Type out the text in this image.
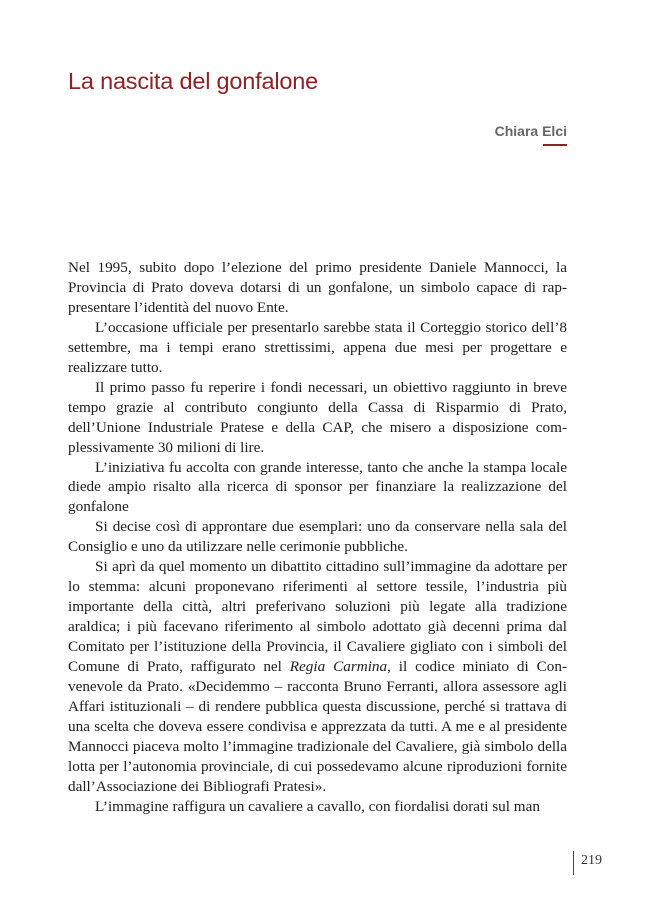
La nascita del gonfalone
Chiara Elci

Nel 1995, subito dopo l’elezione del primo presidente Daniele Mannocci, la Provincia di Prato doveva dotarsi di un gonfalone, un simbolo capace di rappresentare l’identità del nuovo Ente.

L’occasione ufficiale per presentarlo sarebbe stata il Corteggio storico dell’8 settembre, ma i tempi erano strettissimi, appena due mesi per progettare e realizzare tutto.

Il primo passo fu reperire i fondi necessari, un obiettivo raggiunto in breve tempo grazie al contributo congiunto della Cassa di Risparmio di Prato, dell’Unione Industriale Pratese e della CAP, che misero a disposizione complessivamente 30 milioni di lire.

L’iniziativa fu accolta con grande interesse, tanto che anche la stampa locale diede ampio risalto alla ricerca di sponsor per finanziare la realizzazione del gonfalone

Si decise così di approntare due esemplari: uno da conservare nella sala del Consiglio e uno da utilizzare nelle cerimonie pubbliche.

Si aprì da quel momento un dibattito cittadino sull’immagine da adottare per lo stemma: alcuni proponevano riferimenti al settore tessile, l’industria più importante della città, altri preferivano soluzioni più legate alla tradizione araldica; i più facevano riferimento al simbolo adottato già decenni prima dal Comitato per l’istituzione della Provincia, il Cavaliere gigliato con i simboli del Comune di Prato, raffigurato nel Regia Carmina, il codice miniato di Convenevole da Prato. «Decidemmo – racconta Bruno Ferranti, allora assessore agli Affari istituzionali – di rendere pubblica questa discussione, perché si trattava di una scelta che doveva essere condivisa e apprezzata da tutti. A me e al presidente Mannocci piaceva molto l’immagine tradizionale del Cavaliere, già simbolo della lotta per l’autonomia provinciale, di cui possedevamo alcune riproduzioni fornite dall’Associazione dei Bibliografi Pratesi».

L’immagine raffigura un cavaliere a cavallo, con fiordalisi dorati sul man

219
